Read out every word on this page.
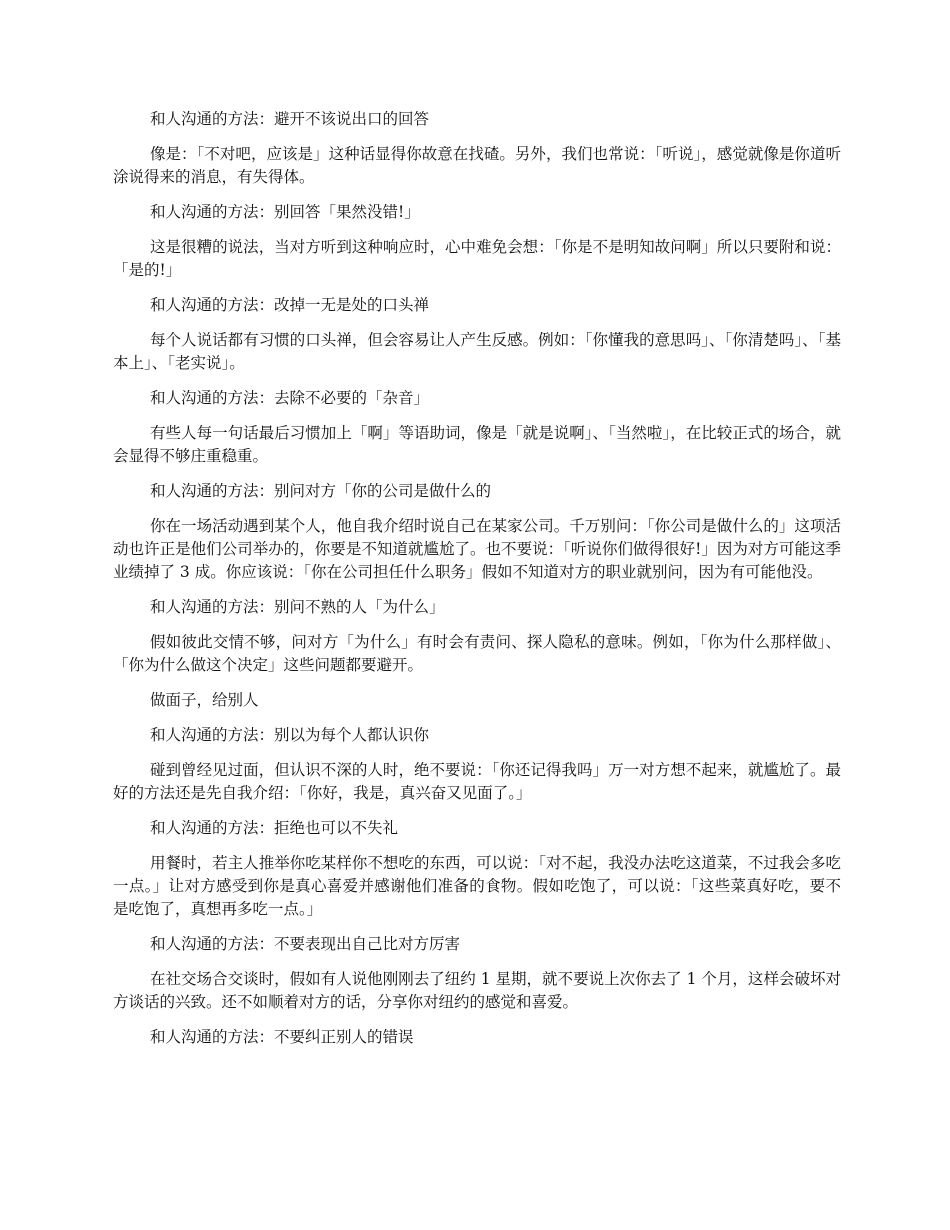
和人沟通的方法：避开不该说出口的回答

像是：「不对吧，应该是」这种话显得你故意在找碴。另外，我们也常说：「听说」，感觉就像是你道听涂说得来的消息，有失得体。

和人沟通的方法：别回答「果然没错!」

这是很糟的说法，当对方听到这种响应时，心中难免会想：「你是不是明知故问啊」所以只要附和说：「是的!」

和人沟通的方法：改掉一无是处的口头禅

每个人说话都有习惯的口头禅，但会容易让人产生反感。例如：「你懂我的意思吗」、「你清楚吗」、「基本上」、「老实说」。

和人沟通的方法：去除不必要的「杂音」

有些人每一句话最后习惯加上「啊」等语助词，像是「就是说啊」、「当然啦」，在比较正式的场合，就会显得不够庄重稳重。

和人沟通的方法：别问对方「你的公司是做什么的

你在一场活动遇到某个人，他自我介绍时说自己在某家公司。千万别问：「你公司是做什么的」这项活动也许正是他们公司举办的，你要是不知道就尴尬了。也不要说：「听说你们做得很好!」因为对方可能这季业绩掉了 3 成。你应该说：「你在公司担任什么职务」假如不知道对方的职业就别问，因为有可能他没。

和人沟通的方法：别问不熟的人「为什么」

假如彼此交情不够，问对方「为什么」有时会有责问、探人隐私的意味。例如，「你为什么那样做」、「你为什么做这个决定」这些问题都要避开。

做面子，给别人

和人沟通的方法：别以为每个人都认识你

碰到曾经见过面，但认识不深的人时，绝不要说：「你还记得我吗」万一对方想不起来，就尴尬了。最好的方法还是先自我介绍：「你好，我是，真兴奋又见面了。」

和人沟通的方法：拒绝也可以不失礼

用餐时，若主人推举你吃某样你不想吃的东西，可以说：「对不起，我没办法吃这道菜，不过我会多吃一点。」让对方感受到你是真心喜爱并感谢他们准备的食物。假如吃饱了，可以说：「这些菜真好吃，要不是吃饱了，真想再多吃一点。」

和人沟通的方法：不要表现出自己比对方厉害

在社交场合交谈时，假如有人说他刚刚去了纽约 1 星期，就不要说上次你去了 1 个月，这样会破坏对方谈话的兴致。还不如顺着对方的话，分享你对纽约的感觉和喜爱。

和人沟通的方法：不要纠正别人的错误
